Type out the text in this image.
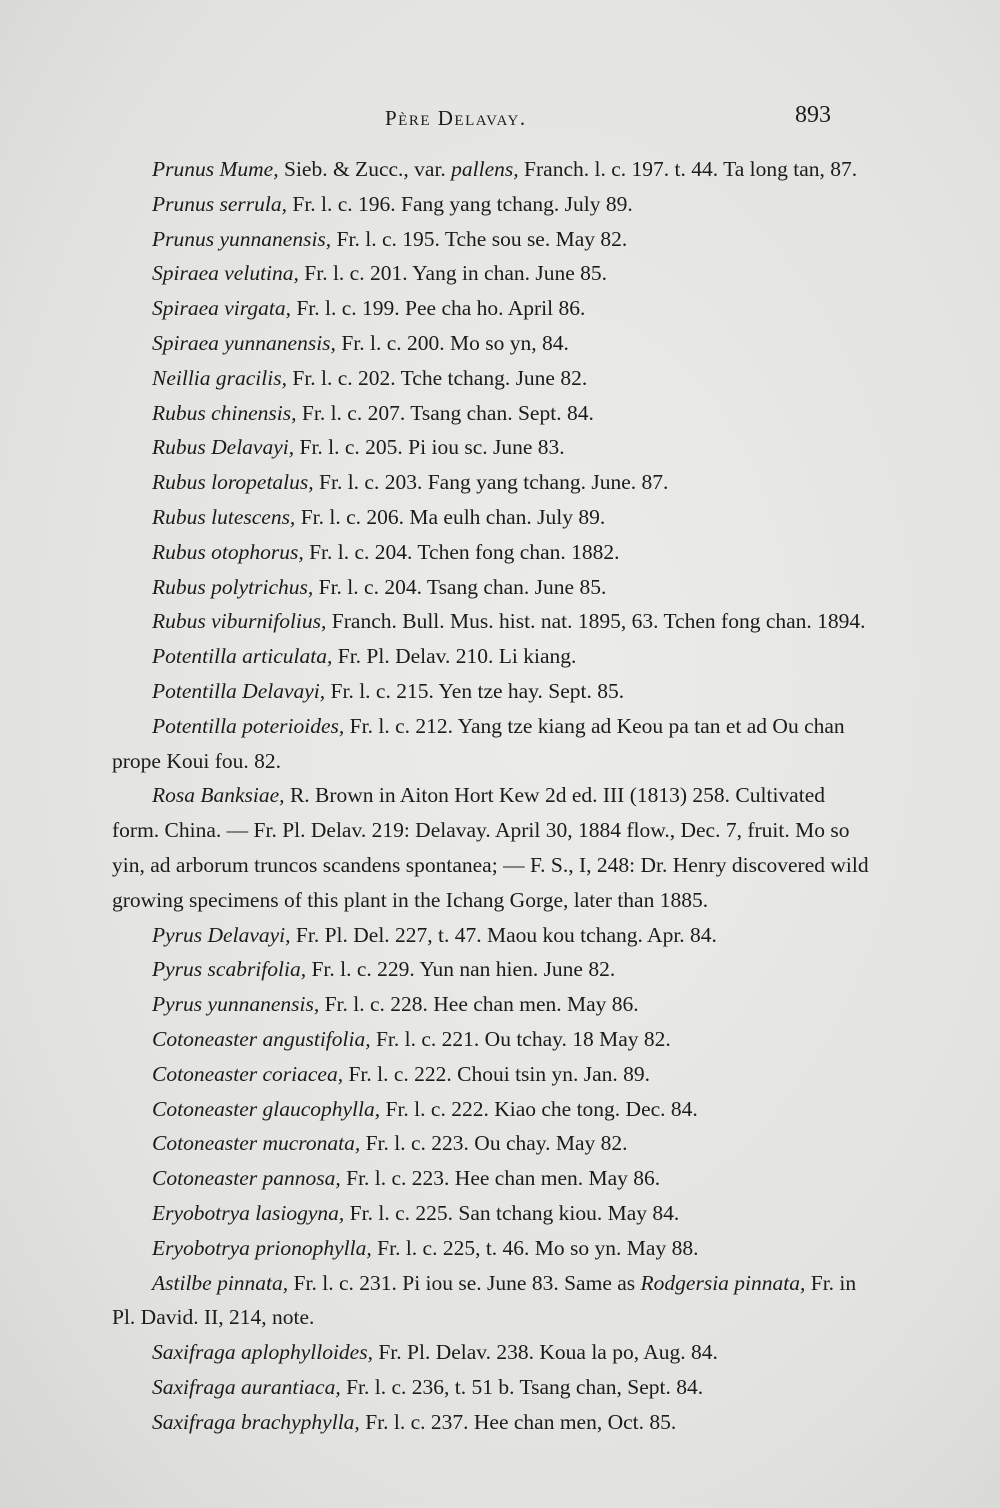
Père Delavay.	893

Prunus Mume, Sieb. & Zucc., var. pallens, Franch. l. c. 197. t. 44. Ta long tan, 87.

Prunus serrula, Fr. l. c. 196. Fang yang tchang. July 89.

Prunus yunnanensis, Fr. l. c. 195. Tche sou se. May 82.

Spiraea velutina, Fr. l. c. 201. Yang in chan. June 85.

Spiraea virgata, Fr. l. c. 199. Pee cha ho. April 86.

Spiraea yunnanensis, Fr. l. c. 200. Mo so yn, 84.

Neillia gracilis, Fr. l. c. 202. Tche tchang. June 82.

Rubus chinensis, Fr. l. c. 207. Tsang chan. Sept. 84.

Rubus Delavayi, Fr. l. c. 205. Pi iou sc. June 83.

Rubus loropetalus, Fr. l. c. 203. Fang yang tchang. June. 87.

Rubus lutescens, Fr. l. c. 206. Ma eulh chan. July 89.

Rubus otophorus, Fr. l. c. 204. Tchen fong chan. 1882.

Rubus polytrichus, Fr. l. c. 204. Tsang chan. June 85.

Rubus viburnifolius, Franch. Bull. Mus. hist. nat. 1895, 63. Tchen fong chan. 1894.

Potentilla articulata, Fr. Pl. Delav. 210. Li kiang.

Potentilla Delavayi, Fr. l. c. 215. Yen tze hay. Sept. 85.

Potentilla poterioides, Fr. l. c. 212. Yang tze kiang ad Keou pa tan et ad Ou chan prope Koui fou. 82.

Rosa Banksiae, R. Brown in Aiton Hort Kew 2d ed. III (1813) 258. Cultivated form. China. — Fr. Pl. Delav. 219: Delavay. April 30, 1884 flow., Dec. 7, fruit. Mo so yin, ad arborum truncos scandens spontanea; — F. S., I, 248: Dr. Henry discovered wild growing specimens of this plant in the Ichang Gorge, later than 1885.

Pyrus Delavayi, Fr. Pl. Del. 227, t. 47. Maou kou tchang. Apr. 84.

Pyrus scabrifolia, Fr. l. c. 229. Yun nan hien. June 82.

Pyrus yunnanensis, Fr. l. c. 228. Hee chan men. May 86.

Cotoneaster angustifolia, Fr. l. c. 221. Ou tchay. 18 May 82.

Cotoneaster coriacea, Fr. l. c. 222. Choui tsin yn. Jan. 89.

Cotoneaster glaucophylla, Fr. l. c. 222. Kiao che tong. Dec. 84.

Cotoneaster mucronata, Fr. l. c. 223. Ou chay. May 82.

Cotoneaster pannosa, Fr. l. c. 223. Hee chan men. May 86.

Eryobotrya lasiogyna, Fr. l. c. 225. San tchang kiou. May 84.

Eryobotrya prionophylla, Fr. l. c. 225, t. 46. Mo so yn. May 88.

Astilbe pinnata, Fr. l. c. 231. Pi iou se. June 83. Same as Rodgersia pinnata, Fr. in Pl. David. II, 214, note.

Saxifraga aplophylloides, Fr. Pl. Delav. 238. Koua la po, Aug. 84.

Saxifraga aurantiaca, Fr. l. c. 236, t. 51 b. Tsang chan, Sept. 84.

Saxifraga brachyphylla, Fr. l. c. 237. Hee chan men, Oct. 85.
